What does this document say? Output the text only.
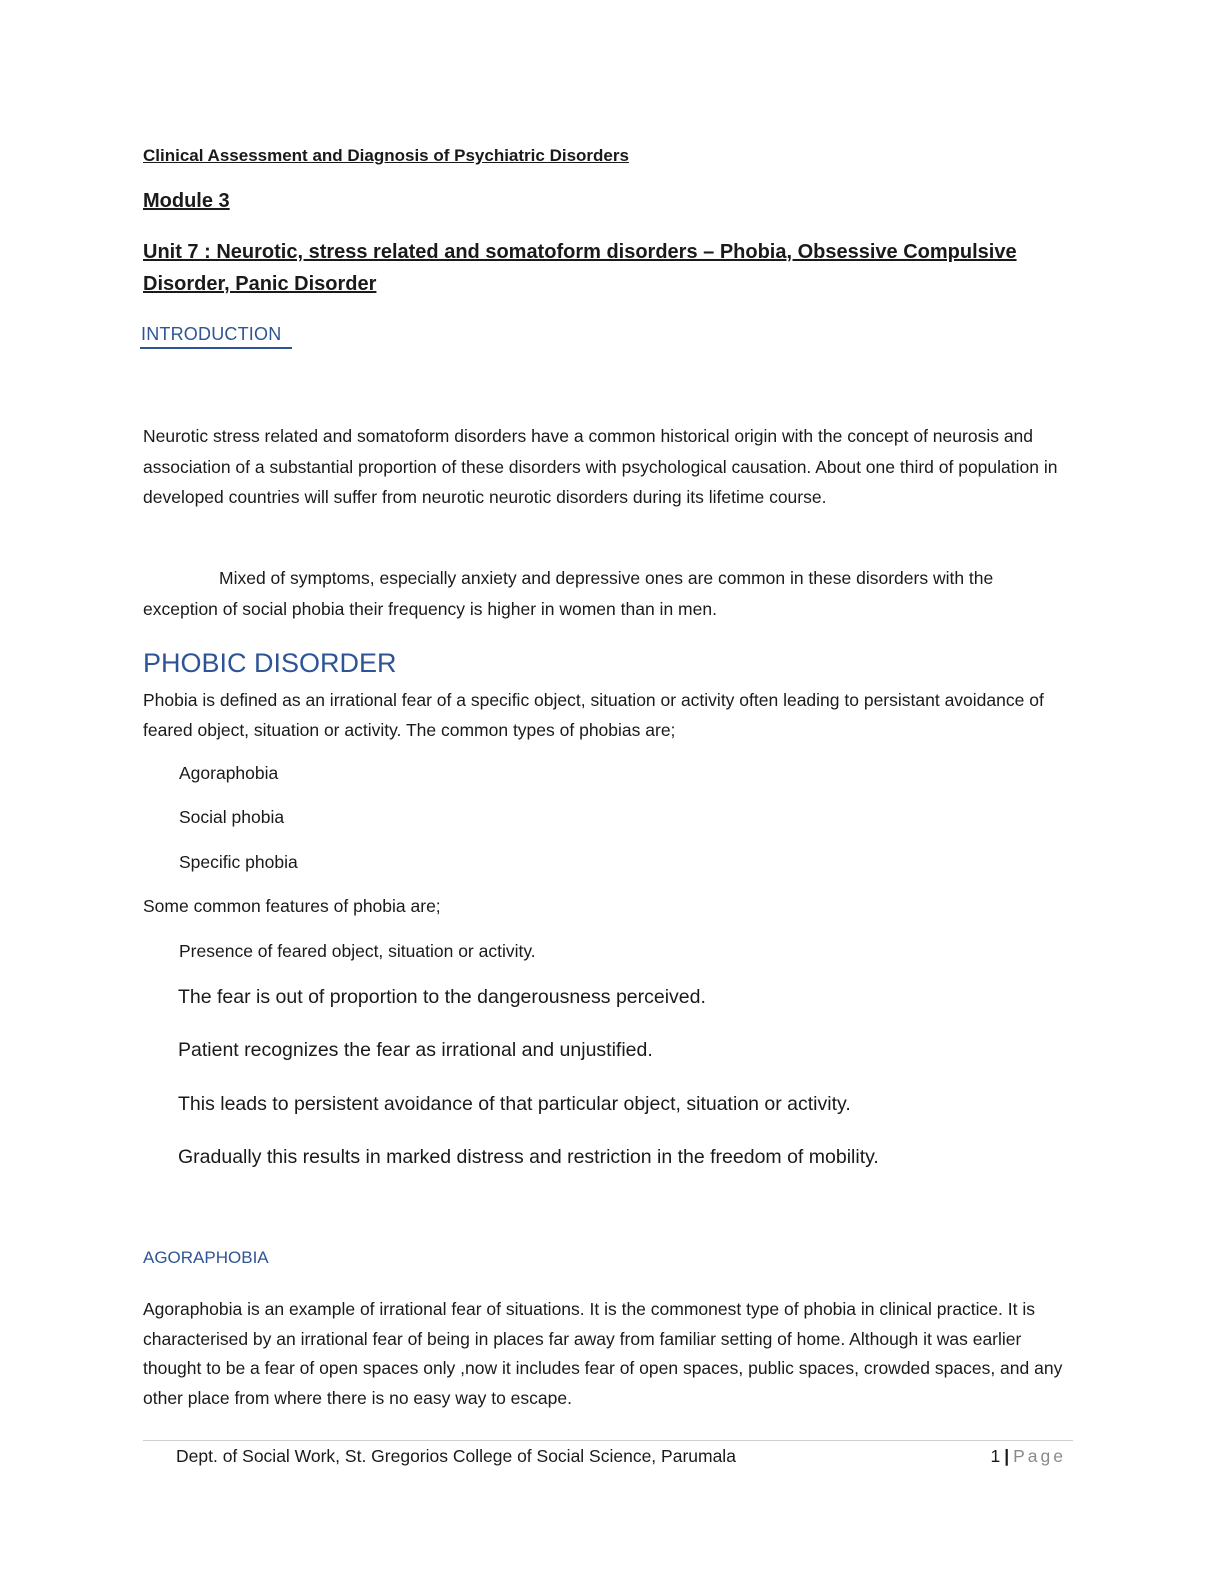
Clinical Assessment and Diagnosis of Psychiatric Disorders
Module 3
Unit 7 : Neurotic, stress related and somatoform disorders – Phobia, Obsessive Compulsive Disorder, Panic Disorder
INTRODUCTION
Neurotic stress related and somatoform disorders have a common historical origin with the concept of neurosis and association of a substantial proportion of these disorders with psychological causation. About one third of population in developed countries will suffer from neurotic neurotic disorders during its lifetime course.
Mixed of symptoms, especially anxiety and depressive ones are common in these disorders with the exception of social phobia their frequency is higher in women than in men.
PHOBIC DISORDER
Phobia is defined as an irrational fear of a specific object, situation or activity often leading to persistant avoidance of feared object, situation or activity. The common types of phobias are;
Agoraphobia
Social phobia
Specific phobia
Some common features of phobia are;
Presence of feared object, situation or activity.
The fear is out of proportion to the dangerousness perceived.
Patient recognizes the fear as irrational and unjustified.
This leads to persistent avoidance of that particular object, situation or activity.
Gradually this results in marked distress and restriction in the freedom of mobility.
AGORAPHOBIA
Agoraphobia is an example of irrational fear of situations. It is the commonest type of phobia in clinical practice. It is characterised by an irrational fear of being in places far away from familiar setting of home. Although it was earlier thought to be a fear of open spaces only ,now it includes fear of open spaces, public spaces, crowded spaces, and any other place from where there is no easy way to escape.
Dept. of Social Work, St. Gregorios College of Social Science, Parumala	1 | Page
